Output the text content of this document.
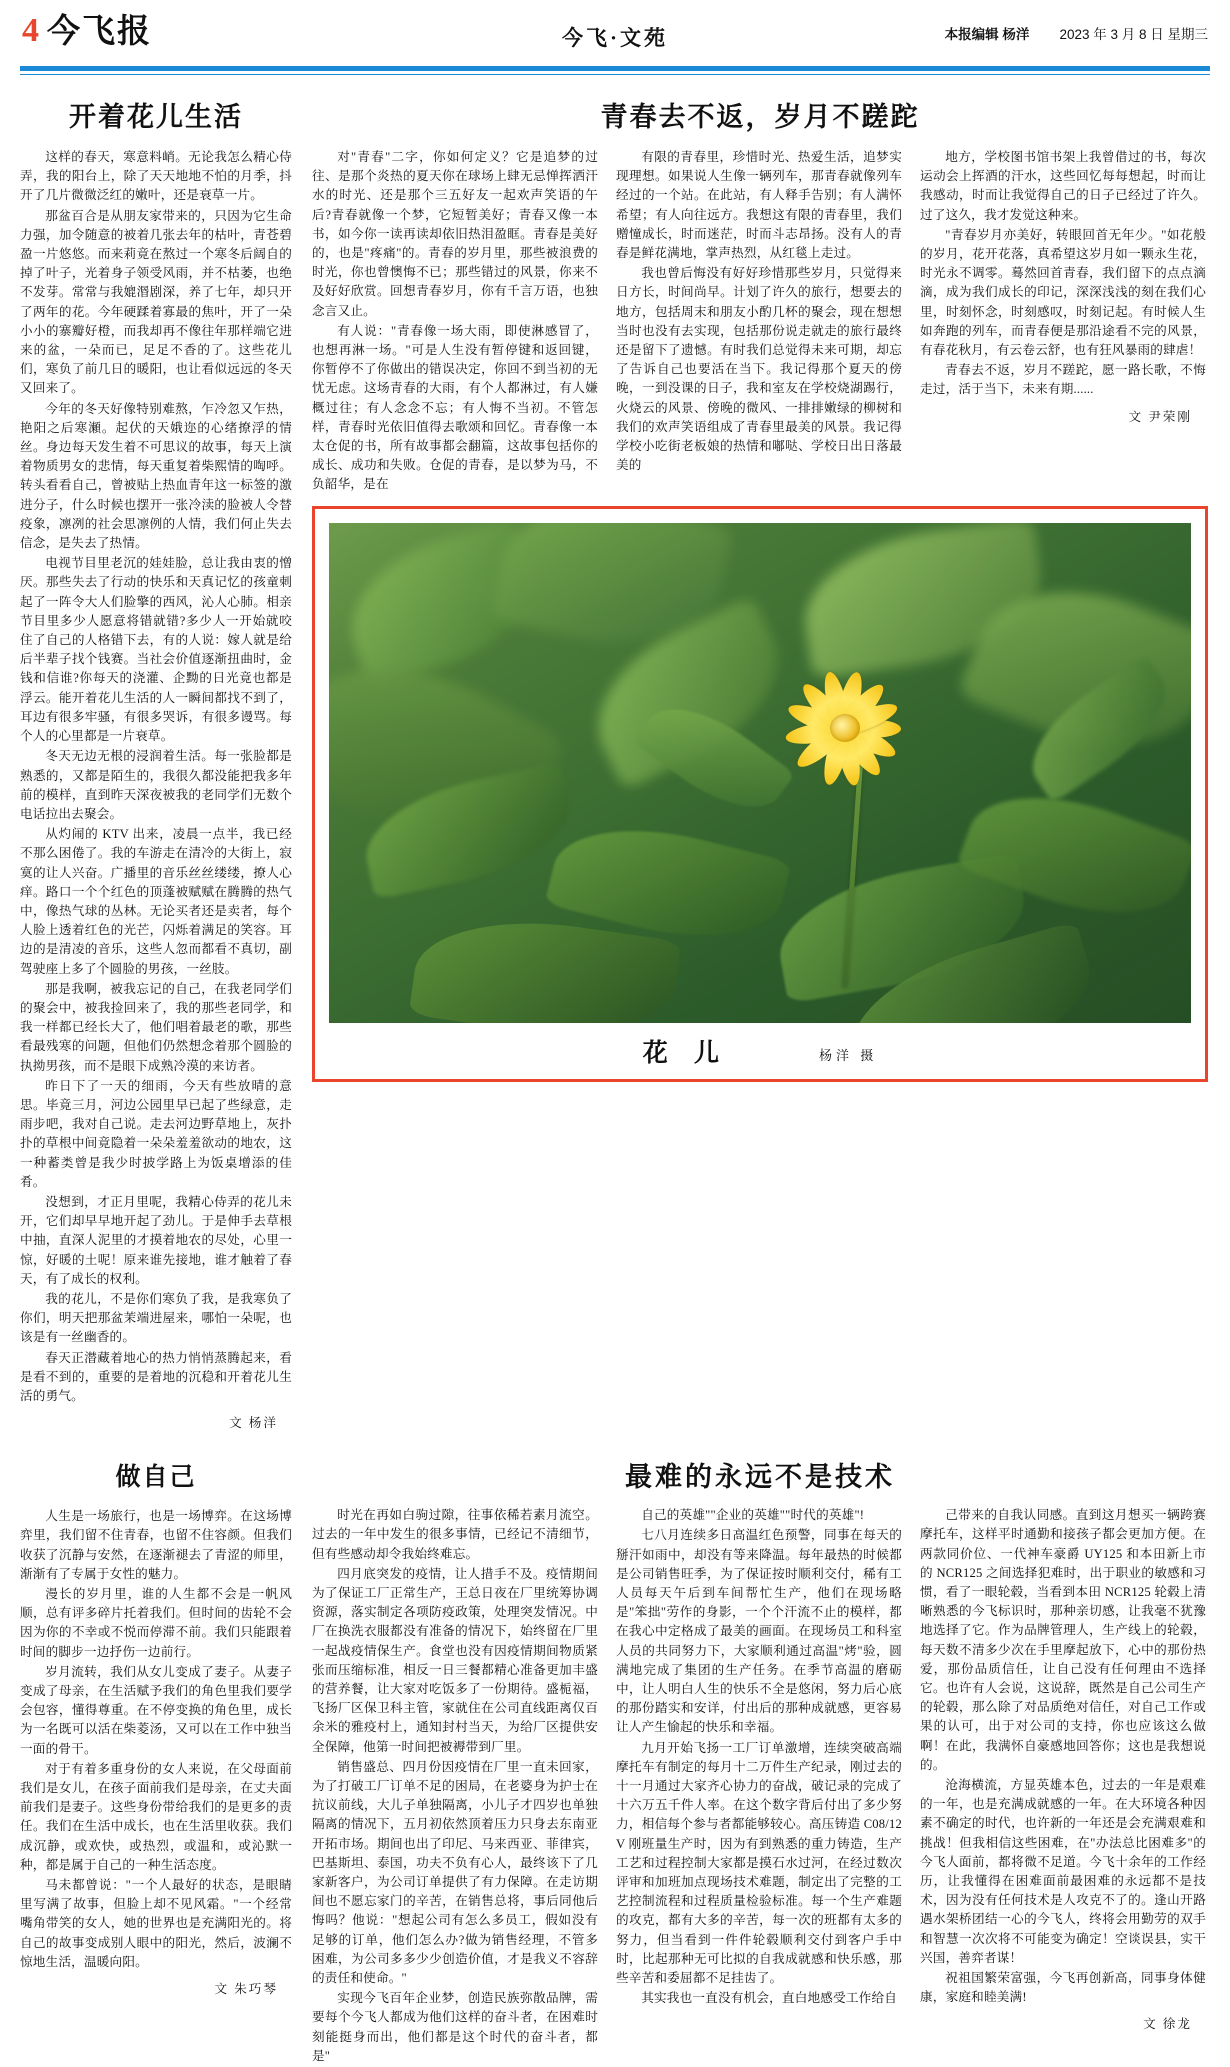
4 今飞报	今飞·文苑	本报编辑 杨洋 2023 年 3 月 8 日 星期三
开着花儿生活

这样的春天，寒意料峭。无论我怎么精心侍弄，我的阳台上，除了天天地地不怕的月季，抖开了几片微微泛红的嫩叶，还是衰草一片。

那盆百合是从朋友家带来的，只因为它生命力强，加令随意的被着几张去年的枯叶，青苍碧盈一片悠悠。而来莉竟在熬过一个寒冬后阔自的掉了叶子，光着身子领受风雨，并不枯萎，也绝不发芽。常常与我媲湣剧深，养了七年，却只开了两年的花。今年硬蹂着寡最的焦叶，开了一朵小小的寨瓣好橙，而我却再不像往年那样端它进来的盆，一朵而已，足足不香的了。这些花儿们，寒负了前几日的暖阳，也让看似远远的冬天又回来了。

今年的冬天好像特别难熬，乍冷忽又乍热，艳阳之后寒瀬。起伏的天娥迩的心绪撩浮的情丝。身边每天发生着不可思议的故事，每天上演着物质男女的悲情，每天重复着柴熙情的啕呼。转头看看自己，曾被贴上热血青年这一标签的激进分子，什么时候也摆开一张冷渎的脸被人令替疫象，凛冽的社会思凛例的人情，我们何止失去信念，是失去了热情。

电视节目里老沉的娃娃脸，总让我由衷的憎厌。那些失去了行动的快乐和天真记忆的孩童刺起了一阵令大人们脸擎的西风，沁人心肺。相亲节目里多少人愿意将错就错?多少人一开始就咬住了自己的人格错下去，有的人说：嫁人就是给后半辈子找个钱赛。当社会价值逐渐扭曲时，金钱和信谁?你每天的浇灌、企黝的日光竟也都是浮云。能开着花儿生活的人一瞬间都找不到了，耳边有很多牢骚，有很多哭诉，有很多谩骂。每个人的心里都是一片衰草。

冬天无边无根的浸润着生活。每一张脸都是熟悉的，又都是陌生的，我很久都没能把我多年前的模样，直到昨天深夜被我的老同学们无数个电话拉出去聚会。

从灼闹的 KTV 出来，凌晨一点半，我已经不那么困倦了。我的车游走在清冷的大街上，寂寞的让人兴奋。广播里的音乐丝丝缕缕，撩人心痒。路口一个个红色的顶蓬被赋赋在腾腾的热气中，像热气球的丛林。无论买者还是卖者，每个人脸上透着红色的光芒，闪烁着满足的笑容。耳边的是清凌的音乐，这些人忽而都看不真切，副驾驶座上多了个圆脸的男孩，一丝肢。

那是我啊，被我忘记的自己，在我老同学们的聚会中，被我捡回来了，我的那些老同学，和我一样都已经长大了，他们唱着最老的歌，那些看最残寒的问题，但他们仍然想念着那个圆脸的执拗男孩，而不是眼下成熟冷漠的来访者。

昨日下了一天的细雨，今天有些放晴的意思。毕竟三月，河边公园里早已起了些绿意，走雨步吧，我对自己说。走去河边野草地上，灰扑扑的草根中间竟隐着一朵朵羞羞欲动的地农，这一种蓄类曾是我少时披学路上为饭桌增添的佳肴。

没想到，才正月里呢，我精心侍弄的花儿未开，它们却早早地开起了劲儿。于是伸手去草根中抽，直深人泥里的才摸着地农的尽处，心里一惊，好暖的土呢！原来谁先接地，谁才触着了春天，有了成长的权利。

我的花儿，不是你们寒负了我，是我寒负了你们，明天把那盆茉端进屋来，哪怕一朵呢，也该是有一丝幽香的。

春天正潜藏着地心的热力悄悄蒸腾起来，看是看不到的，重要的是着地的沉稳和开着花儿生活的勇气。

文 杨洋

青春去不返，岁月不蹉跎

对"青春"二字，你如何定义？它是追梦的过往、是那个炎热的夏天你在球场上肆无忌惮挥洒汗水的时光、还是那个三五好友一起欢声笑语的午后?青春就像一个梦，它短暂美好；青春又像一本书，如今你一读再读却依旧热泪盈眶。青春是美好的，也是"疼痛"的。青春的岁月里，那些被浪费的时光，你也曾懊悔不已；那些错过的风景，你来不及好好欣赏。回想青春岁月，你有千言万语，也独念言又止。

有人说："青春像一场大雨，即使淋感冒了，也想再淋一场。"可是人生没有暂停键和返回键，你暂停不了你做出的错误决定，你回不到当初的无忧无虑。这场青春的大雨，有个人都淋过，有人嫌概过往；有人念念不忘；有人悔不当初。不管怎样，青春时光依旧值得去歌颂和回忆。青春像一本太仓促的书，所有故事都会翻篇，这故事包括你的成长、成功和失败。仓促的青春，是以梦为马，不负韶华，是在

有限的青春里，珍惜时光、热爱生活，追梦实现理想。如果说人生像一辆列车，那青春就像列车经过的一个站。在此站，有人释手告别；有人满怀希望；有人向往远方。我想这有限的青春里，我们赠憧成长，时而迷茫，时而斗志昂扬。没有人的青春是鲜花满地，掌声热烈，从红毯上走过。

我也曾后悔没有好好珍惜那些岁月，只觉得来日方长，时间尚早。计划了许久的旅行，想要去的地方，包括周末和朋友小酌几杯的聚会，现在想想当时也没有去实现，包括那份说走就走的旅行最终还是留下了遗憾。有时我们总觉得未来可期，却忘了告诉自己也要活在当下。我记得那个夏天的傍晚，一到没课的日子，我和室友在学校烧湖踢行，火烧云的风景、傍晚的微风、一排排嫩绿的柳树和我们的欢声笑语组成了青春里最美的风景。我记得学校小吃街老板娘的热情和嘟哒、学校日出日落最美的

地方，学校图书馆书架上我曾借过的书，每次运动会上挥酒的汗水，这些回忆每每想起，时而让我感动，时而让我觉得自己的日子已经过了许久。过了这久，我才发觉这种来。

"青春岁月亦美好，转眼回首无年少。"如花般的岁月，花开花落，真希望这岁月如一颗永生花，时光永不调零。蓦然回首青春，我们留下的点点滴滴，成为我们成长的印记，深深浅浅的刻在我们心里，时刻怀念，时刻感叹，时刻记起。有时候人生如奔跑的列车，而青春便是那沿途看不完的风景，有春花秋月，有云卷云舒，也有狂风暴雨的肆虐！

青春去不返，岁月不蹉跎，愿一路长歌，不悔走过，活于当下，未来有期......

文 尹荣刚

花 儿	杨洋 摄
做自己

人生是一场旅行，也是一场博弈。在这场博弈里，我们留不住青春，也留不住容颜。但我们收获了沉静与安然，在逐渐褪去了青涩的师里，渐渐有了专属于女性的魅力。

漫长的岁月里，谁的人生都不会是一帆风顺，总有评多碎片托着我们。但时间的齿轮不会因为你的不幸或不悦而停滞不前。我们只能跟着时间的脚步一边抒伤一边前行。

岁月流转，我们从女儿变成了妻子。从妻子变成了母亲，在生活赋予我们的角色里我们要学会包容，懂得尊重。在不停变换的角色里，成长为一名既可以活在柴菱汤，又可以在工作中独当一面的骨干。

对于有着多重身份的女人来说，在父母面前我们是女儿，在孩子面前我们是母亲，在丈夫面前我们是妻子。这些身份带给我们的是更多的责任。我们在生活中成长，也在生活里收获。我们成沉静，或欢快，或热烈，或温和，或沁默一种，都是属于自己的一种生活态度。

马未都曾说："一个人最好的状态，是眼睛里写满了故事，但脸上却不见风霜。"一个经常嘴角带笑的女人，她的世界也是充满阳光的。将自己的故事变成别人眼中的阳光，然后，波澜不惊地生活，温暖向阳。

文 朱巧琴

最难的永远不是技术

时光在再如白驹过隙，往事依稀若素月流空。过去的一年中发生的很多事情，已经记不清细节，但有些感动却令我始终难忘。

四月底突发的疫情，让人措手不及。疫情期间为了保证工厂正常生产，王总日夜在厂里统筹协调资源，落实制定各项防疫政策，处理突发情况。中厂在换洗衣服都没有准备的情况下，始终留在厂里一起战疫情保生产。食堂也没有因疫情期间物质紧张而压缩标准，相反一日三餐都精心准备更加丰盛的营养餐，让大家对吃饭多了一份期待。盛栀福，飞扬厂区保卫科主管，家就住在公司直线距离仅百余米的雅疫村上，通知封村当天，为给厂区提供安全保障，他第一时间把被褥带到厂里。

销售盛总、四月份因疫情在厂里一直未回家，为了打破工厂订单不足的困局，在老婆身为护士在抗议前线，大儿子单独隔离，小儿子才四岁也单独隔离的情况下，五月初依然顶着压力只身去东南亚开拓市场。期间也出了印尼、马来西亚、菲律宾，巴基斯坦、泰国，功夫不负有心人，最终该下了几家新客户，为公司订单提供了有力保障。在走访期间也不愿忘家门的辛苦，在销售总将，事后同他后悔吗？他说："想起公司有怎么多员工，假如没有足够的订单，他们怎么办?做为销售经理，不管多困难，为公司多多少少创造价值，才是我义不容辞的责任和使命。"

实现今飞百年企业梦，创造民族弥散品牌，需要每个今飞人都成为他们这样的奋斗者，在困难时刻能挺身而出，他们都是这个时代的奋斗者，都是"

自己的英雄""企业的英雄""时代的英雄"!

七八月连续多日高温红色预警，同事在每天的掰汗如雨中，却没有等来降温。每年最热的时候都是公司销售旺季，为了保证按时顺利交付，稀有工人员每天午后到车间帮忙生产，他们在现场略是"笨拙"劳作的身影，一个个汗流不止的模样，都在我心中定格成了最美的画面。在现场员工和科室人员的共同努力下，大家顺利通过高温"烤"验，圆满地完成了集团的生产任务。在季节高温的磨砺中，让人明白人生的快乐不全是悠闲，努力后心底的那份踏实和安详，付出后的那种成就感，更容易让人产生愉起的快乐和幸福。

九月开始飞扬一工厂订单激增，连续突破高端摩托车有制定的每月十二万件生产纪录，刚过去的十一月通过大家齐心协力的奋战，破记录的完成了十六万五千件人率。在这个数字背后付出了多少努力，相信每个参与者都能够较心。高压铸造 C08/12 V 刚班量生产时，因为有到熟悉的重力铸造，生产工艺和过程控制大家都是摸石水过河，在经过数次评审和加班加点现场技术难题，制定出了完整的工艺控制流程和过程质量检验标准。每一个生产难题的攻克，都有大多的辛苦，每一次的班都有太多的努力，但当看到一件件轮毂顺利交付到客户手中时，比起那种无可比拟的自我成就感和快乐感，那些辛苦和委屈都不足挂齿了。

其实我也一直没有机会，直白地感受工作给自

己带来的自我认同感。直到这月想买一辆跨赛摩托车，这样平时通勤和接孩子都会更加方便。在两款同价位、一代神车豪爵 UY125 和本田新上市的 NCR125 之间选择犯难时，出于职业的敏感和习惯，看了一眼轮毂，当看到本田 NCR125 轮毂上清晰熟悉的今飞标识时，那种亲切感，让我毫不犹豫地选择了它。作为品牌管理人，生产线上的轮毂，每天数不清多少次在手里摩起放下，心中的那份热爱，那份品质信任，让自己没有任何理由不选择它。也许有人会说，这说辞，既然是自己公司生产的轮毂，那么除了对品质绝对信任，对自己工作或果的认可，出于对公司的支持，你也应该这么做啊！在此，我满怀自豪感地回答你；这也是我想说的。

沧海横流，方显英雄本色，过去的一年是艰难的一年，也是充满成就感的一年。在大环境各种因素不确定的时代，也许新的一年还是会充满艰难和挑战！但我相信这些困难，在"办法总比困难多"的今飞人面前，都将微不足道。今飞十余年的工作经历，让我懂得在困难面前最困难的永远都不是技术，因为没有任何技术是人攻克不了的。逢山开路遇水架桥团结一心的今飞人，终将会用勤劳的双手和智慧一次次将不可能变为确定！空谈误县，实干兴国，善弈者谋！

祝祖国繁荣富强，今飞再创新高，同事身体健康，家庭和睦美满!

文 徐龙
